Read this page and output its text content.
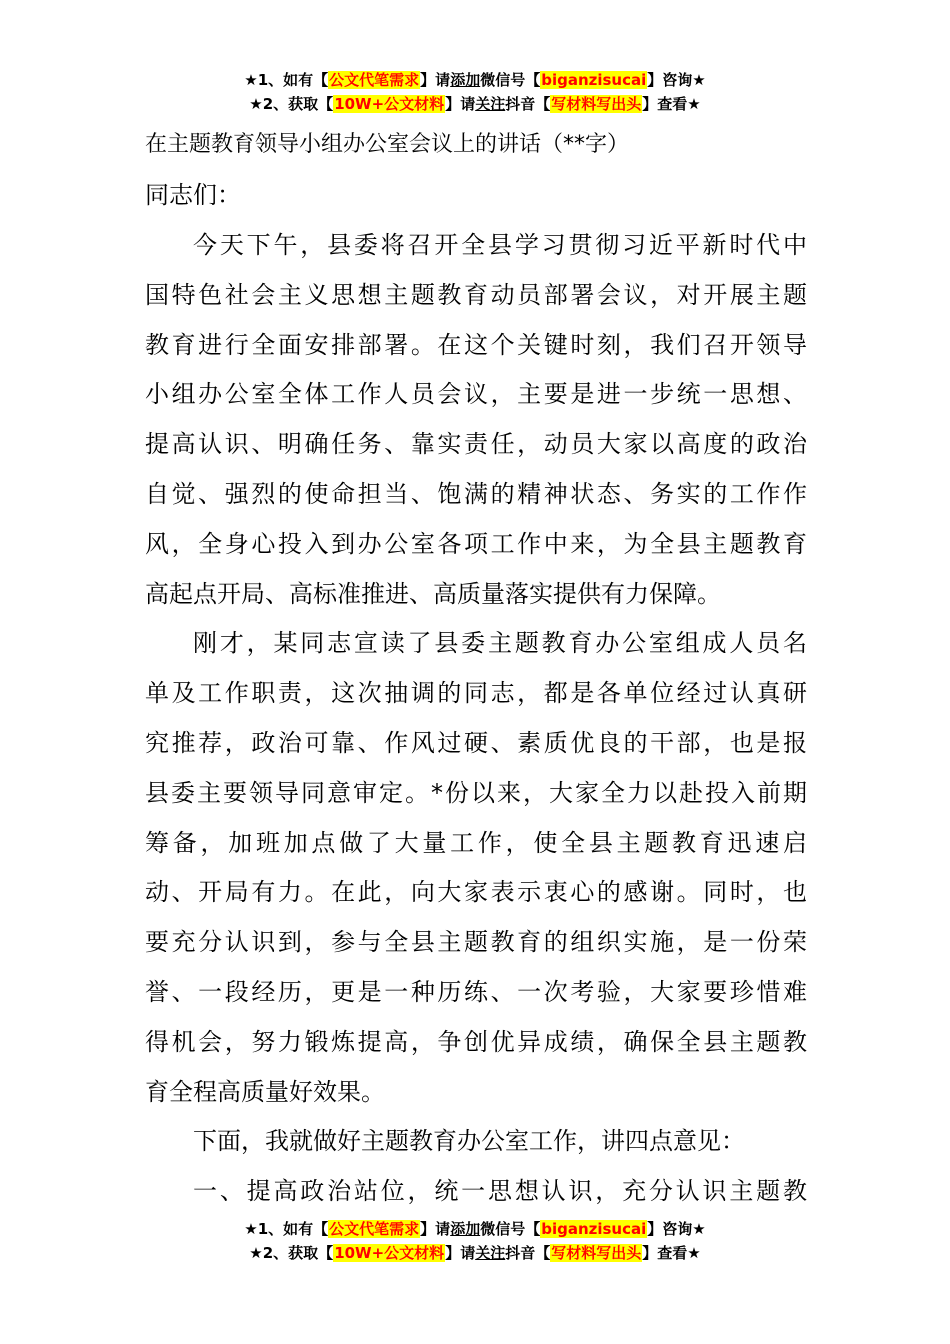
★1、如有【公文代笔需求】请添加微信号【biganzisucai】咨询★
★2、获取【10W+公文材料】请关注抖音【写材料写出头】查看★
在主题教育领导小组办公室会议上的讲话（**字）
同志们：
今天下午，县委将召开全县学习贯彻习近平新时代中
国特色社会主义思想主题教育动员部署会议，对开展主题
教育进行全面安排部署。在这个关键时刻，我们召开领导
小组办公室全体工作人员会议，主要是进一步统一思想、
提高认识、明确任务、靠实责任，动员大家以高度的政治
自觉、强烈的使命担当、饱满的精神状态、务实的工作作
风，全身心投入到办公室各项工作中来，为全县主题教育
高起点开局、高标准推进、高质量落实提供有力保障。
刚才，某同志宣读了县委主题教育办公室组成人员名
单及工作职责，这次抽调的同志，都是各单位经过认真研
究推荐，政治可靠、作风过硬、素质优良的干部，也是报
县委主要领导同意审定。*份以来，大家全力以赴投入前期
筹备，加班加点做了大量工作，使全县主题教育迅速启
动、开局有力。在此，向大家表示衷心的感谢。同时，也
要充分认识到，参与全县主题教育的组织实施，是一份荣
誉、一段经历，更是一种历练、一次考验，大家要珍惜难
得机会，努力锻炼提高，争创优异成绩，确保全县主题教
育全程高质量好效果。
下面，我就做好主题教育办公室工作，讲四点意见：
一、提高政治站位，统一思想认识，充分认识主题教
★1、如有【公文代笔需求】请添加微信号【biganzisucai】咨询★
★2、获取【10W+公文材料】请关注抖音【写材料写出头】查看★
